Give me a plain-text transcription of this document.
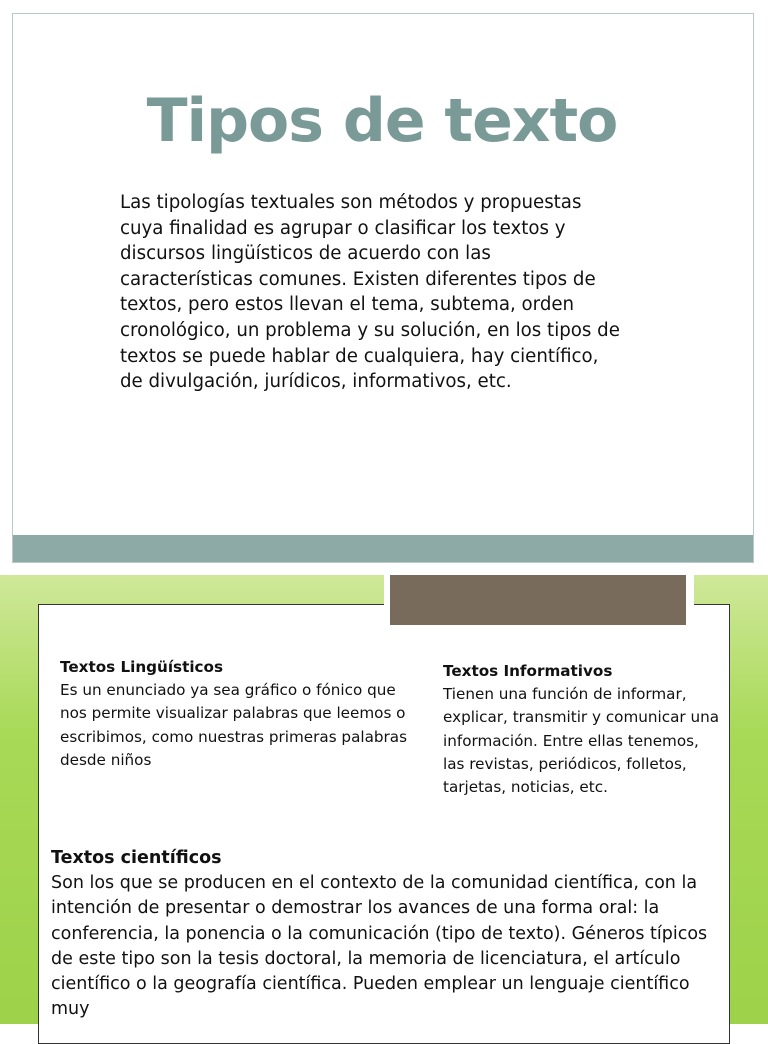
Tipos de texto

Las tipologías textuales son métodos y propuestas cuya finalidad es agrupar o clasificar los textos y discursos lingüísticos de acuerdo con las características comunes. Existen diferentes tipos de textos, pero estos llevan el tema, subtema, orden cronológico, un problema y su solución, en los tipos de textos se puede hablar de cualquiera, hay científico, de divulgación, jurídicos, informativos, etc.

Textos Lingüísticos

Es un enunciado ya sea gráfico o fónico que nos permite visualizar palabras que leemos o escribimos, como nuestras primeras palabras desde niños

Textos Informativos

Tienen una función de informar, explicar, transmitir y comunicar una información. Entre ellas tenemos, las revistas, periódicos, folletos, tarjetas, noticias, etc.

Textos científicos

Son los que se producen en el contexto de la comunidad científica, con la intención de presentar o demostrar los avances de una forma oral: la conferencia, la ponencia o la comunicación (tipo de texto). Géneros típicos de este tipo son la tesis doctoral, la memoria de licenciatura, el artículo científico o la geografía científica. Pueden emplear un lenguaje científico muy
